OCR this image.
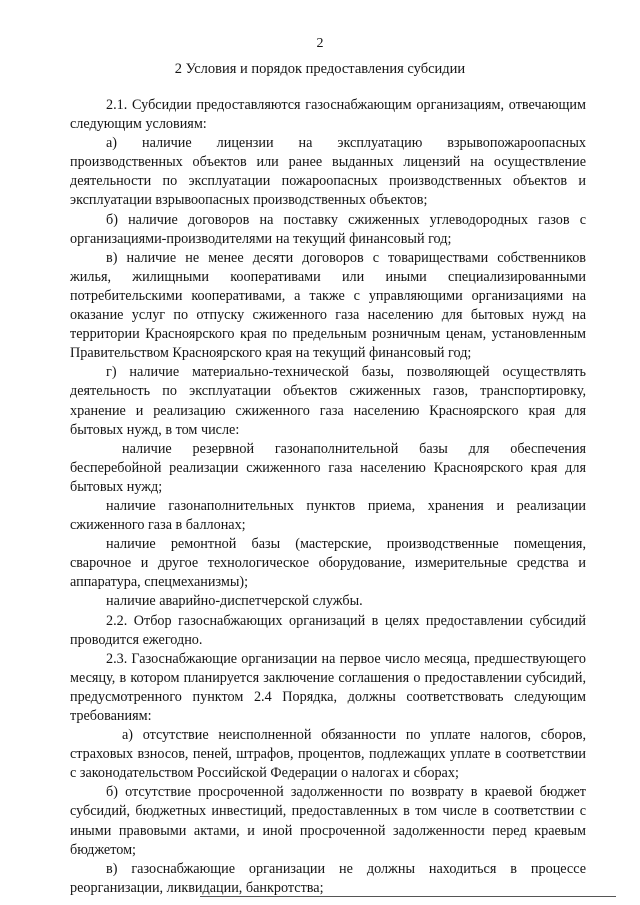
2
2 Условия и порядок предоставления субсидии

2.1. Субсидии предоставляются газоснабжающим организациям, отвечающим следующим условиям:

а) наличие лицензии на эксплуатацию взрывопожароопасных производственных объектов или ранее выданных лицензий на осуществление деятельности по эксплуатации пожароопасных производственных объектов и эксплуатации взрывоопасных производственных объектов;

б) наличие договоров на поставку сжиженных углеводородных газов с организациями-производителями на текущий финансовый год;

в) наличие не менее десяти договоров с товариществами собственников жилья, жилищными кооперативами или иными специализированными потребительскими кооперативами, а также с управляющими организациями на оказание услуг по отпуску сжиженного газа населению для бытовых нужд на территории Красноярского края по предельным розничным ценам, установленным Правительством Красноярского края на текущий финансовый год;

г) наличие материально-технической базы, позволяющей осуществлять деятельность по эксплуатации объектов сжиженных газов, транспортировку, хранение и реализацию сжиженного газа населению Красноярского края для бытовых нужд, в том числе:

наличие резервной газонаполнительной базы для обеспечения бесперебойной реализации сжиженного газа населению Красноярского края для бытовых нужд;

наличие газонаполнительных пунктов приема, хранения и реализации сжиженного газа в баллонах;

наличие ремонтной базы (мастерские, производственные помещения, сварочное и другое технологическое оборудование, измерительные средства и аппаратура, спецмеханизмы);

наличие аварийно-диспетчерской службы.

2.2. Отбор газоснабжающих организаций в целях предоставлении субсидий проводится ежегодно.

2.3. Газоснабжающие организации на первое число месяца, предшествующего месяцу, в котором планируется заключение соглашения о предоставлении субсидий, предусмотренного пунктом 2.4 Порядка, должны соответствовать следующим требованиям:

а) отсутствие неисполненной обязанности по уплате налогов, сборов, страховых взносов, пеней, штрафов, процентов, подлежащих уплате в соответствии с законодательством Российской Федерации о налогах и сборах;

б) отсутствие просроченной задолженности по возврату в краевой бюджет субсидий, бюджетных инвестиций, предоставленных в том числе в соответствии с иными правовыми актами, и иной просроченной задолженности перед краевым бюджетом;

в) газоснабжающие организации не должны находиться в процессе реорганизации, ликвидации, банкротства;
